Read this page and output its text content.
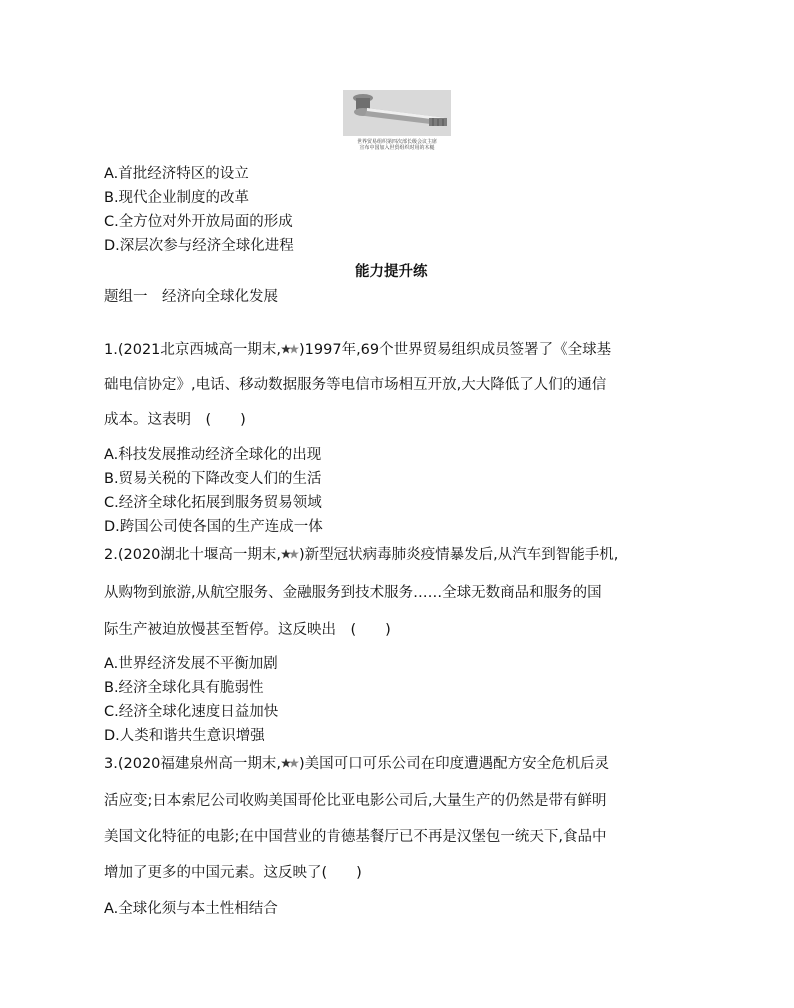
世界贸易组织第四次部长级会议主席
宣布中国加入世贸组织时用的木槌
A.首批经济特区的设立
B.现代企业制度的改革
C.全方位对外开放局面的形成
D.深层次参与经济全球化进程
能力提升练
题组一　经济向全球化发展
1.(2021北京西城高一期末, )1997年,69个世界贸易组织成员签署了《全球基
础电信协定》,电话、移动数据服务等电信市场相互开放,大大降低了人们的通信
成本。这表明　(　　)
A.科技发展推动经济全球化的出现
B.贸易关税的下降改变人们的生活
C.经济全球化拓展到服务贸易领域
D.跨国公司使各国的生产连成一体
2.(2020湖北十堰高一期末, )新型冠状病毒肺炎疫情暴发后,从汽车到智能手机,
从购物到旅游,从航空服务、金融服务到技术服务……全球无数商品和服务的国
际生产被迫放慢甚至暂停。这反映出　(　　)
A.世界经济发展不平衡加剧
B.经济全球化具有脆弱性
C.经济全球化速度日益加快
D.人类和谐共生意识增强
3.(2020福建泉州高一期末, )美国可口可乐公司在印度遭遇配方安全危机后灵
活应变;日本索尼公司收购美国哥伦比亚电影公司后,大量生产的仍然是带有鲜明
美国文化特征的电影;在中国营业的肯德基餐厅已不再是汉堡包一统天下,食品中
增加了更多的中国元素。这反映了(　　)
A.全球化须与本土性相结合
